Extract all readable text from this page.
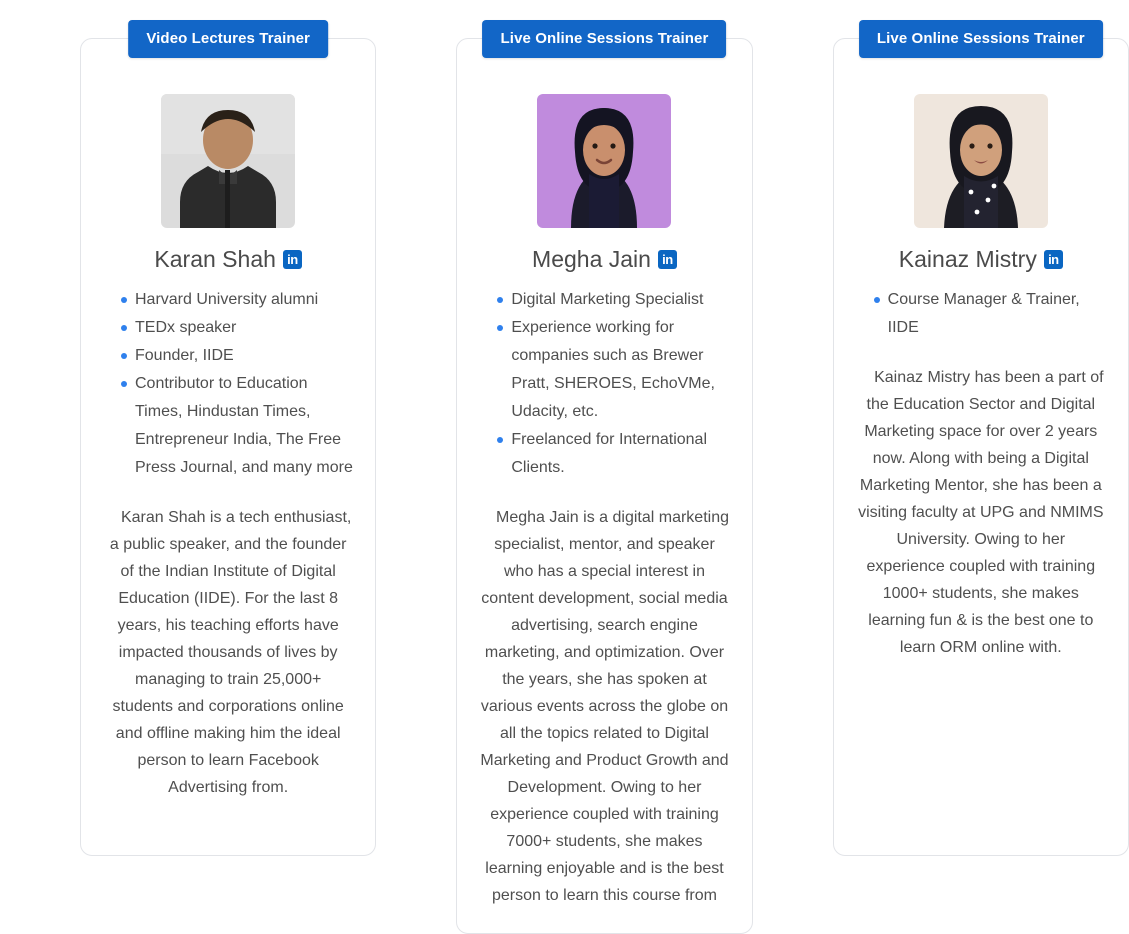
Video Lectures Trainer
Karan Shah
in
Harvard University alumni
TEDx speaker
Founder, IIDE
Contributor to Education Times, Hindustan Times, Entrepreneur India, The Free Press Journal, and many more

Karan Shah is a tech enthusiast, a public speaker, and the founder of the Indian Institute of Digital Education (IIDE). For the last 8 years, his teaching efforts have impacted thousands of lives by managing to train 25,000+ students and corporations online and offline making him the ideal person to learn Facebook Advertising from.

Live Online Sessions Trainer
Megha Jain
in
Digital Marketing Specialist
Experience working for companies such as Brewer Pratt, SHEROES, EchoVMe, Udacity, etc.
Freelanced for International Clients.

Megha Jain is a digital marketing specialist, mentor, and speaker who has a special interest in content development, social media advertising, search engine marketing, and optimization. Over the years, she has spoken at various events across the globe on all the topics related to Digital Marketing and Product Growth and Development. Owing to her experience coupled with training 7000+ students, she makes learning enjoyable and is the best person to learn this course from

Live Online Sessions Trainer
Kainaz Mistry
in
Course Manager & Trainer, IIDE

Kainaz Mistry has been a part of the Education Sector and Digital Marketing space for over 2 years now. Along with being a Digital Marketing Mentor, she has been a visiting faculty at UPG and NMIMS University. Owing to her experience coupled with training 1000+ students, she makes learning fun & is the best one to learn ORM online with.
